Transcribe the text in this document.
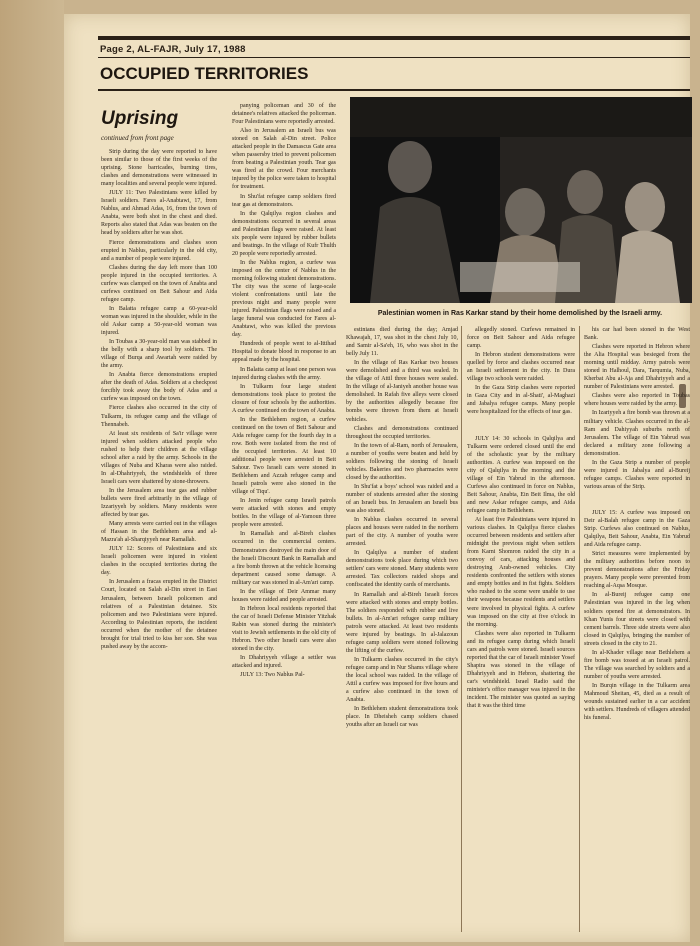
Page 2, AL-FAJR, July 17, 1988
OCCUPIED TERRITORIES
Uprising
continued from front page
Palestinian women in Ras Karkar stand by their home demolished by the Israeli army.

Strip during the day were reported to have been similar to those of the first weeks of the uprising. Stone barricades, burning tires, clashes and demonstrations were witnessed in many localities and several people were injured.

JULY 11: Two Palestinians were killed by Israeli soldiers. Fares al-Anabtawi, 17, from Nablus, and Ahmad Adas, 16, from the town of Anabta, were both shot in the chest and died. Reports also stated that Adas was beaten on the head by soldiers after he was shot.

Fierce demonstrations and clashes soon erupted in Nablus, particularly in the old city, and a number of people were injured.

Clashes during the day left more than 100 people injured in the occupied territories. A curfew was clamped on the town of Anabta and curfews continued on Beit Sahour and Aida refugee camp.

In Balatta refugee camp a 60-year-old woman was injured in the shoulder, while in the old Askar camp a 50-year-old woman was injured.

In Toubas a 30-year-old man was stabbed in the belly with a sharp tool by soldiers. The village of Burqa and Awartah were raided by the army.

In Anabta fierce demonstrations erupted after the death of Adas. Soldiers at a checkpost forcibly took away the body of Adas and a curfew was imposed on the town.

Fierce clashes also occurred in the city of Tulkarm, its refugee camp and the village of Thennabeh.

At least six residents of Sa'ir village were injured when soldiers attacked people who rushed to help their children at the village school after a raid by the army. Schools in the villages of Nuba and Kharas were also raided. In al-Dhahriyyeh, the windshields of three Israeli cars were shattered by stone-throwers.

In the Jerusalem area tear gas and rubber bullets were fired arbitrarily in the village of Izzariyyeh by soldiers. Many residents were affected by tear gas.

Many arrests were carried out in the villages of Hassan in the Bethlehem area and al-Mazra'ah al-Sharqiyyeh near Ramallah.

JULY 12: Scores of Palestinians and six Israeli policemen were injured in violent clashes in the occupied territories during the day.

In Jerusalem a fracas erupted in the District Court, located on Salah al-Din street in East Jerusalem, between Israeli policemen and relatives of a Palestinian detainee. Six policemen and two Palestinians were injured. According to Palestinian reports, the incident occurred when the mother of the detainee brought for trial tried to kiss her son. She was pushed away by the accom-

panying policeman and 30 of the detainee's relatives attacked the policeman. Four Palestinians were reportedly arrested.

Also in Jerusalem an Israeli bus was stoned on Salah al-Din street. Police attacked people in the Damascus Gate area when passersby tried to prevent policemen from beating a Palestinian youth. Tear gas was fired at the crowd. Four merchants injured by the police were taken to hospital for treatment.

In Shu'fat refugee camp soldiers fired tear gas at demonstrators.

In the Qalqilya region clashes and demonstrations occurred in several areas and Palestinian flags were raised. At least six people were injured by rubber bullets and beatings. In the village of Kufr Thulth 20 people were reportedly arrested.

In the Nablus region, a curfew was imposed on the center of Nablus in the morning following student demonstrations. The city was the scene of large-scale violent confrontations until late the previous night and many people were injured. Palestinian flags were raised and a large funeral was conducted for Fares al-Anabtawi, who was killed the previous day.

Hundreds of people went to al-Ittihad Hospital to donate blood in response to an appeal made by the hospital.

In Balatta camp at least one person was injured during clashes with the army.

In Tulkarm four large student demonstrations took place to protest the closure of four schools by the authorities. A curfew continued on the town of Anabta.

In the Bethlehem region, a curfew continued on the town of Beit Sahour and Aida refugee camp for the fourth day in a row. Both were isolated from the rest of the occupied territories. At least 10 additional people were arrested in Beit Sahour. Two Israeli cars were stoned in Bethlehem and Azzah refugee camp and Israeli patrols were also stoned in the village of Tiqu'.

In Jenin refugee camp Israeli patrols were attacked with stones and empty bottles. In the village of al-Yamoun three people were arrested.

In Ramallah and al-Bireh clashes occurred in the commercial centers. Demonstrators destroyed the main door of the Israeli Discount Bank in Ramallah and a fire bomb thrown at the vehicle licensing department caused some damage. A military car was stoned in al-Am'ari camp.

In the village of Deir Ammar many houses were raided and people arrested.

In Hebron local residents reported that the car of Israeli Defense Minister Yitzhak Rabin was stoned during the minister's visit to Jewish settlements in the old city of Hebron. Two other Israeli cars were also stoned in the city.

In Dhahriyyeh village a settler was attacked and injured.

JULY 13: Two Nablus Pal-

estinians died during the day; Amjad Khawajah, 17, was shot in the chest July 10, and Samir al-Sa'eh, 16, who was shot in the belly July 11.

In the village of Ras Karkar two houses were demolished and a third was sealed. In the village of Attil three houses were sealed. In the village of al-Janiyeh another house was demolished. In Rafah five alleys were closed by the authorities allegedly because fire bombs were thrown from them at Israeli vehicles.

Clashes and demonstrations continued throughout the occupied territories.

In the town of al-Ram, north of Jerusalem, a number of youths were beaten and held by soldiers following the stoning of Israeli vehicles. Bakeries and two pharmacies were closed by the authorities.

In Shu'fat a boys' school was raided and a number of students arrested after the stoning of an Israeli bus. In Jerusalem an Israeli bus was also stoned.

In Nablus clashes occurred in several places and houses were raided in the northern part of the city. A number of youths were arrested.

In Qalqilya a number of student demonstrations took place during which two settlers' cars were stoned. Many students were arrested. Tax collectors raided shops and confiscated the identity cards of merchants.

In Ramallah and al-Bireh Israeli forces were attacked with stones and empty bottles. The soldiers responded with rubber and live bullets. In al-Am'ari refugee camp military patrols were attacked. At least two residents were injured by beatings. In al-Jalazoun refugee camp soldiers were stoned following the lifting of the curfew.

In Tulkarm clashes occurred in the city's refugee camp and in Nur Shams village where the local school was raided. In the village of Attil a curfew was imposed for five hours and a curfew also continued in the town of Anabta.

In Bethlehem student demonstrations took place. In Dheisheh camp soldiers chased youths after an Israeli car was

allegedly stoned. Curfews remained in force on Beit Sahour and Aida refugee camp.

In Hebron student demonstrations were quelled by force and clashes occurred near an Israeli settlement in the city. In Dura village two schools were raided.

In the Gaza Strip clashes were reported in Gaza City and in al-Shati', al-Maghazi and Jabalya refugee camps. Many people were hospitalized for the effects of tear gas.

JULY 14: 30 schools in Qalqilya and Tulkarm were ordered closed until the end of the scholastic year by the military authorities. A curfew was imposed on the city of Qalqilya in the morning and the village of Ein Yabrud in the afternoon. Curfews also continued in force on Nablus, Beit Sahour, Anabta, Ein Beit Ilma, the old and new Askar refugee camps, and Aida refugee camp in Bethlehem.

At least five Palestinians were injured in various clashes. In Qalqilya fierce clashes occurred between residents and settlers after midnight the previous night when settlers from Karni Shomron raided the city in a convoy of cars, attacking houses and destroying Arab-owned vehicles. City residents confronted the settlers with stones and empty bottles and in fist fights. Soldiers who rushed to the scene were unable to use their weapons because residents and settlers were involved in physical fights. A curfew was imposed on the city at five o'clock in the morning.

Clashes were also reported in Tulkarm and its refugee camp during which Israeli cars and patrols were stoned. Israeli sources reported that the car of Israeli minister Yosef Shapira was stoned in the village of Dhahriyyeh and in Hebron, shattering the car's windshield. Israel Radio said the minister's office manager was injured in the incident. The minister was quoted as saying that it was the third time

his car had been stoned in the West Bank.

Clashes were reported in Hebron where the Alia Hospital was besieged from the morning until midday. Army patrols were stoned in Halhoul, Dara, Tarqumia, Nuba, Kherbat Abu al-Aja and Dhahriyyeh and a number of Palestinians were arrested.

Clashes were also reported in Toubas where houses were raided by the army.

In Izariyyeh a fire bomb was thrown at a military vehicle. Clashes occurred in the al-Ram and Dahiyyah suburbs north of Jerusalem. The village of Ein Yabrud was declared a military zone following a demonstration.

In the Gaza Strip a number of people were injured in Jabalya and al-Bureij refugee camps. Clashes were reported in various areas of the Strip.

JULY 15: A curfew was imposed on Deir al-Balah refugee camp in the Gaza Strip. Curfews also continued on Nablus, Qalqilya, Beit Sahour, Anabta, Ein Yabrud and Aida refugee camp.

Strict measures were implemented by the military authorities before noon to prevent demonstrations after the Friday prayers. Many people were prevented from reaching al-Aqsa Mosque.

In al-Bureij refugee camp one Palestinian was injured in the leg when soldiers opened fire at demonstrators. In Khan Yunis four streets were closed with cement barrels. Three side streets were also closed in Qalqilya, bringing the number of streets closed in the city to 21.

In al-Khader village near Bethlehem a fire bomb was tossed at an Israeli patrol. The village was searched by soldiers and a number of youths were arrested.

In Burqin village in the Tulkarm area Mahmoud Sheitan, 45, died as a result of wounds sustained earlier in a car accident with settlers. Hundreds of villagers attended his funeral.
